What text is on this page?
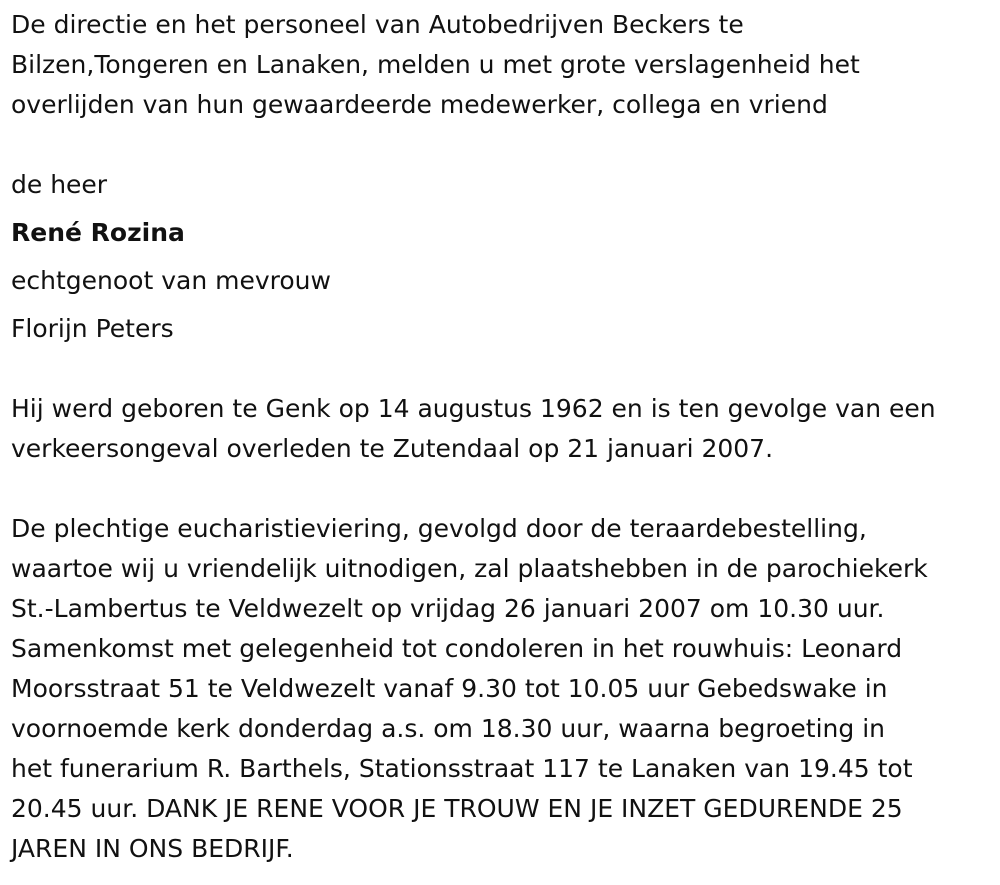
De directie en het personeel van Autobedrijven Beckers te
Bilzen,Tongeren en Lanaken, melden u met grote verslagenheid het
overlijden van hun gewaardeerde medewerker, collega en vriend

de heer

René Rozina

echtgenoot van mevrouw

Florijn Peters

Hij werd geboren te Genk op 14 augustus 1962 en is ten gevolge van een
verkeersongeval overleden te Zutendaal op 21 januari 2007.
De plechtige eucharistieviering, gevolgd door de teraardebestelling,
waartoe wij u vriendelijk uitnodigen, zal plaatshebben in de parochiekerk
St.-Lambertus te Veldwezelt op vrijdag 26 januari 2007 om 10.30 uur.
Samenkomst met gelegenheid tot condoleren in het rouwhuis: Leonard
Moorsstraat 51 te Veldwezelt vanaf 9.30 tot 10.05 uur Gebedswake in
voornoemde kerk donderdag a.s. om 18.30 uur, waarna begroeting in
het funerarium R. Barthels, Stationsstraat 117 te Lanaken van 19.45 tot
20.45 uur. DANK JE RENE VOOR JE TROUW EN JE INZET GEDURENDE 25
JAREN IN ONS BEDRIJF.
